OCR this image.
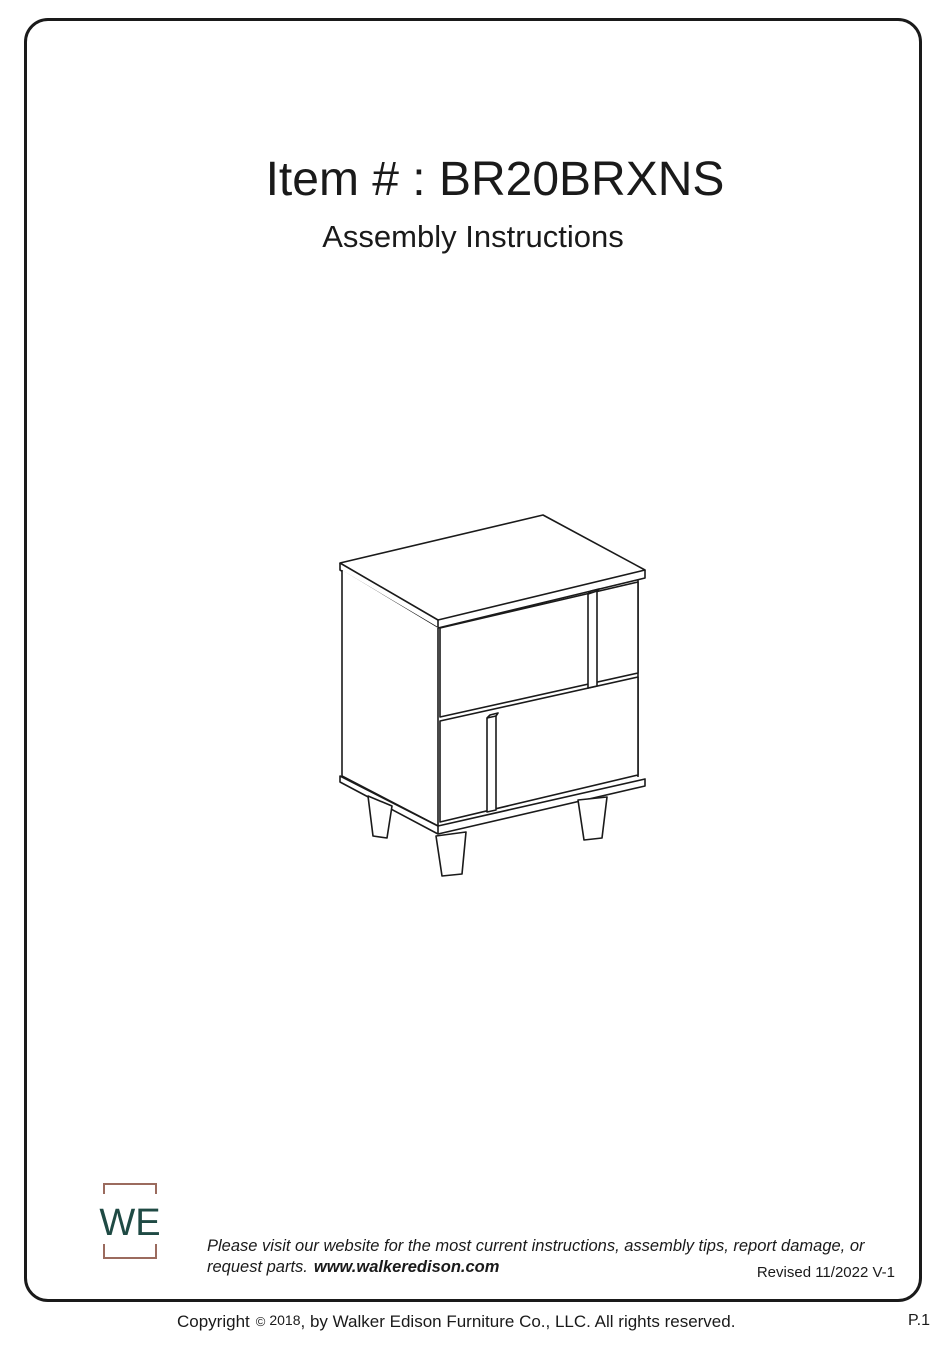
Item # : BR20BRXNS
Assembly Instructions
WE

Please visit our website for the most current instructions, assembly tips, report damage, or request parts. www.walkeredison.com	Revised 11/2022 V-1

Copyright © 2018, by Walker Edison Furniture Co., LLC. All rights reserved.	P.1
